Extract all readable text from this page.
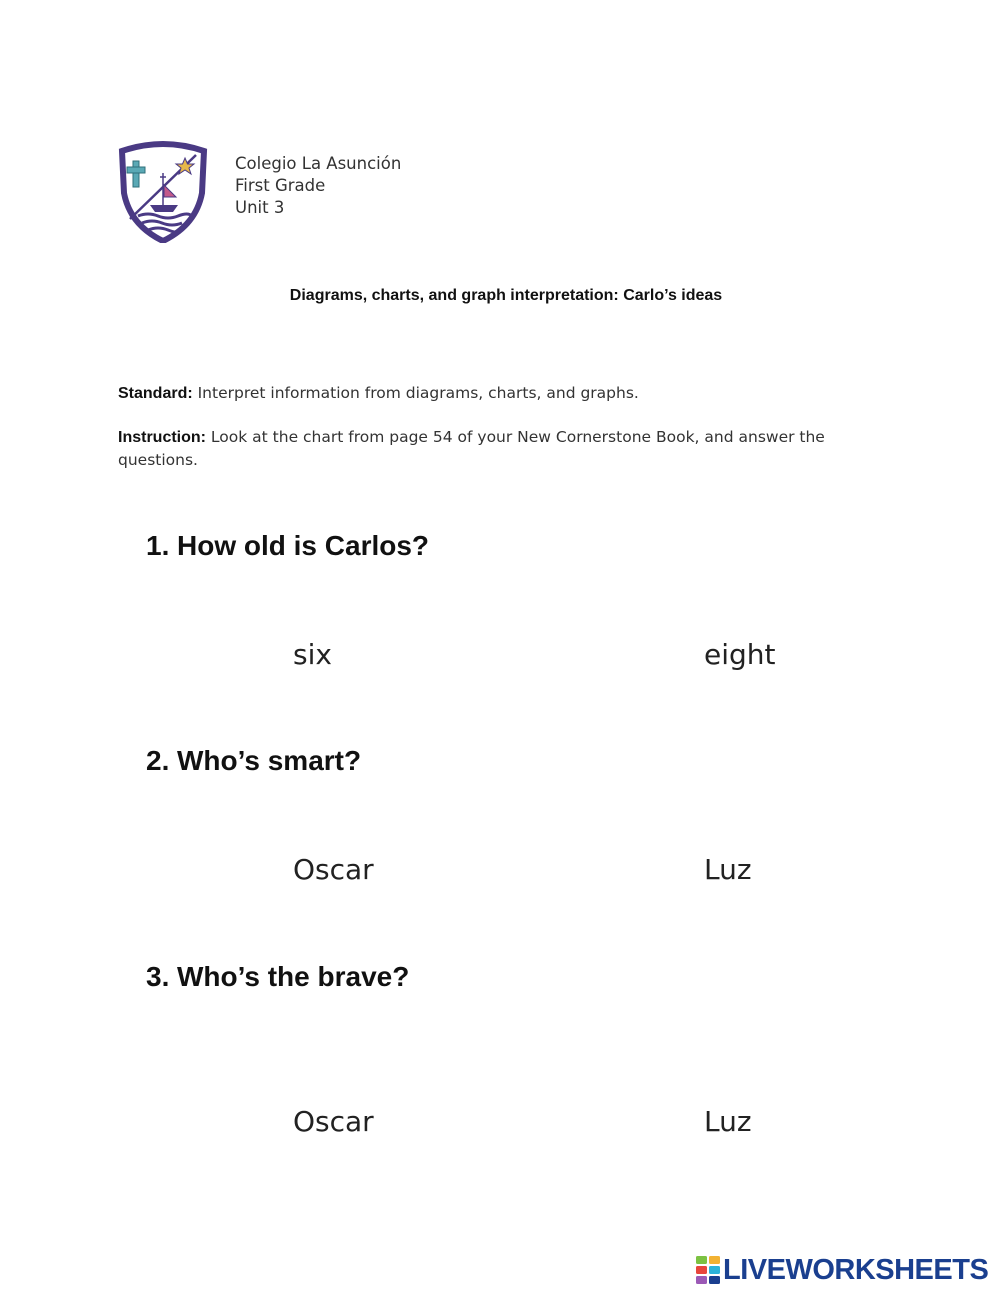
Colegio La Asunción
First Grade
Unit 3
Diagrams, charts, and graph interpretation: Carlo’s ideas
Standard: Interpret information from diagrams, charts, and graphs.
Instruction: Look at the chart from page 54 of your New Cornerstone Book, and answer the questions.
1. How old is Carlos?
six	eight
2. Who’s smart?
Oscar	Luz
3. Who’s the brave?
Oscar	Luz
LIVEWORKSHEETS
